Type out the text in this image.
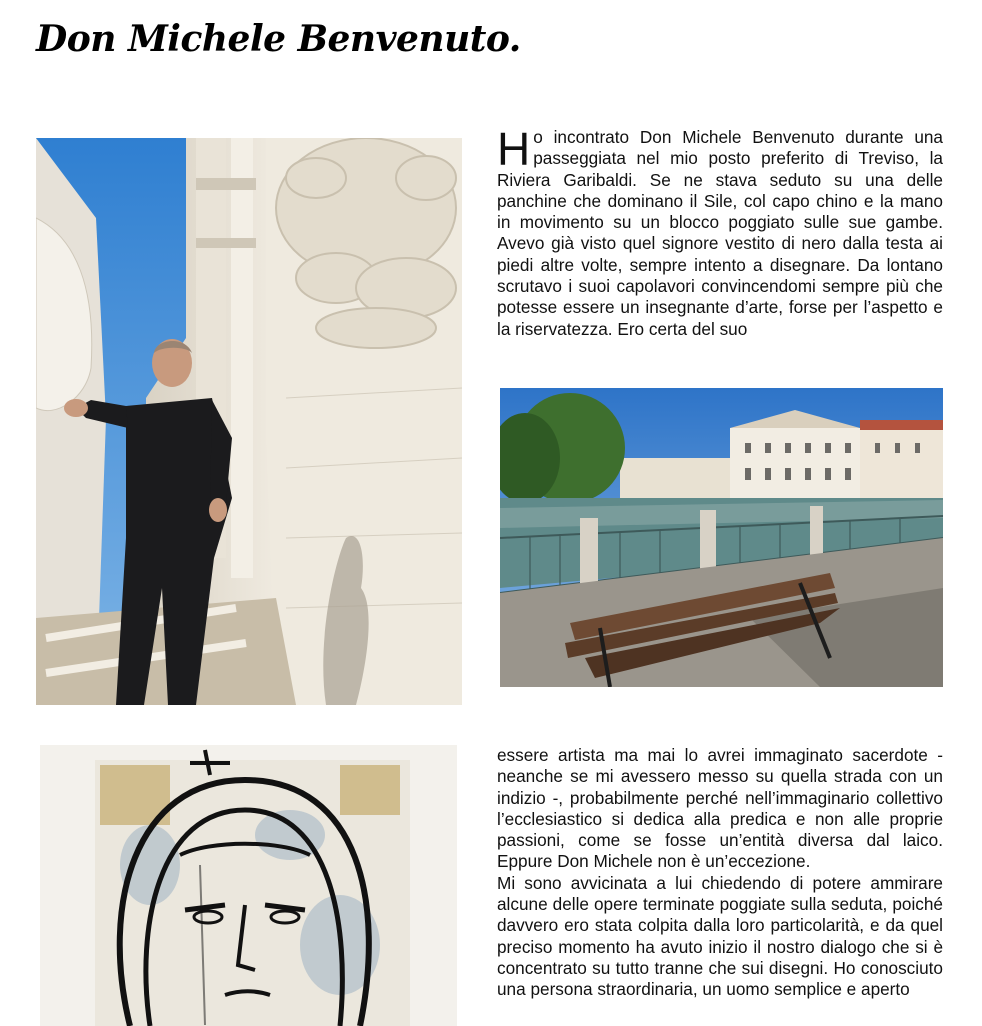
Don Michele Benvenuto.

Ho incontrato Don Michele Benvenuto durante una passeggiata nel mio posto preferito di Treviso, la Riviera Garibaldi. Se ne stava seduto su una delle panchine che dominano il Sile, col capo chino e la mano in movimento su un blocco poggiato sulle sue gambe. Avevo già visto quel signore vestito di nero dalla testa ai piedi altre volte, sempre intento a disegnare. Da lontano scrutavo i suoi capolavori convincendomi sempre più che potesse essere un insegnante d’arte, forse per l’aspetto e la riservatezza. Ero certa del suo

essere artista ma mai lo avrei immaginato sacerdote - neanche se mi avessero messo su quella strada con un indizio -, probabilmente perché nell’immaginario collettivo l’ecclesiastico si dedica alla predica e non alle proprie passioni, come se fosse un’entità diversa dal laico. Eppure Don Michele non è un’eccezione.

Mi sono avvicinata a lui chiedendo di potere ammirare alcune delle opere terminate poggiate sulla seduta, poiché davvero ero stata colpita dalla loro particolarità, e da quel preciso momento ha avuto inizio il nostro dialogo che si è concentrato su tutto tranne che sui disegni. Ho conosciuto una persona straordinaria, un uomo semplice e aperto
